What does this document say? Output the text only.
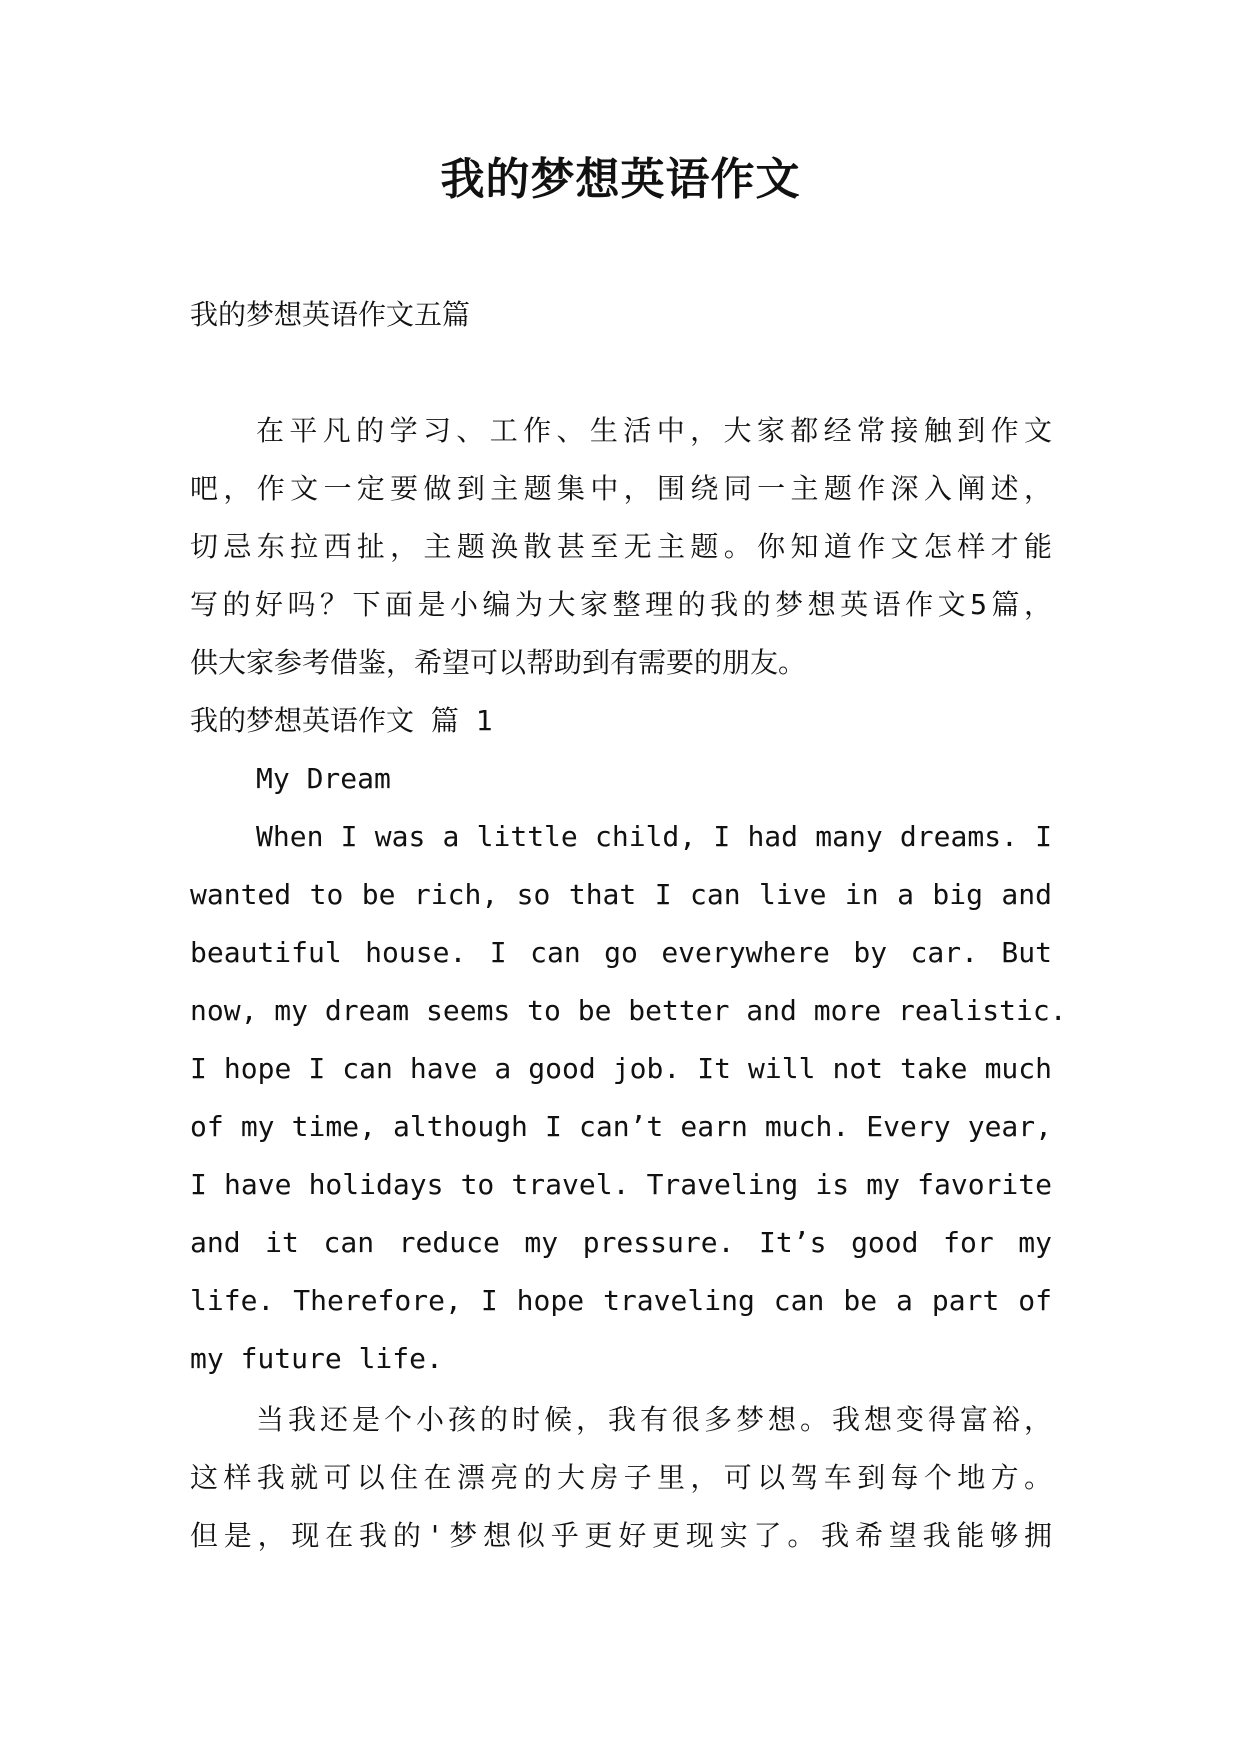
我的梦想英语作文
我的梦想英语作文五篇
在平凡的学习、工作、生活中，大家都经常接触到作文
吧，作文一定要做到主题集中，围绕同一主题作深入阐述，
切忌东拉西扯，主题涣散甚至无主题。你知道作文怎样才能
写的好吗？下面是小编为大家整理的我的梦想英语作文5篇，
供大家参考借鉴，希望可以帮助到有需要的朋友。
我的梦想英语作文 篇 1
My Dream
When I was a little child, I had many dreams. I
wanted to be rich, so that I can live in a big and
beautiful house. I can go everywhere by car. But
now, my dream seems to be better and more realistic.
I hope I can have a good job. It will not take much
of my time, although I can’t earn much. Every year,
I have holidays to travel. Traveling is my favorite
and it can reduce my pressure. It’s good for my
life. Therefore, I hope traveling can be a part of
my future life.
当我还是个小孩的时候，我有很多梦想。我想变得富裕，
这样我就可以住在漂亮的大房子里，可以驾车到每个地方。
但是，现在我的'梦想似乎更好更现实了。我希望我能够拥
